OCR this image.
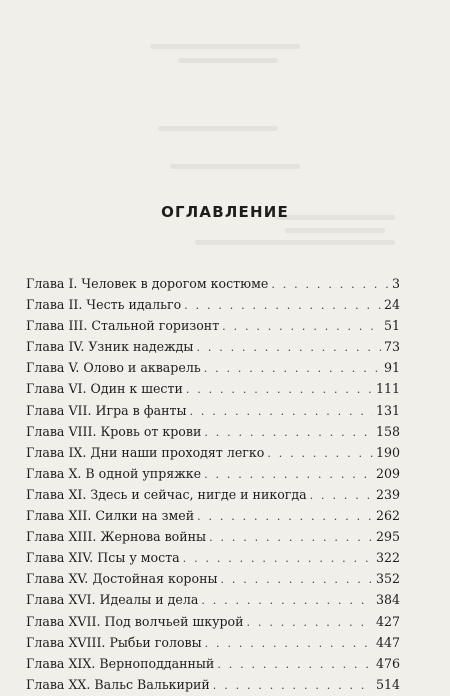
ОГЛАВЛЕНИЕ
Глава I. Человек в дорогом костюме . . .	3
Глава II. Честь идальго . . .	24
Глава III. Стальной горизонт . . .	51
Глава IV. Узник надежды . . .	73
Глава V. Олово и акварель . . .	91
Глава VI. Один к шести . . .	111
Глава VII. Игра в фанты . . .	131
Глава VIII. Кровь от крови . . .	158
Глава IX. Дни наши проходят легко . . .	190
Глава X. В одной упряжке . . .	209
Глава XI. Здесь и сейчас, нигде и никогда . . .	239
Глава XII. Силки на змей . . .	262
Глава XIII. Жернова войны . . .	295
Глава XIV. Псы у моста . . .	322
Глава XV. Достойная короны . . .	352
Глава XVI. Идеалы и дела . . .	384
Глава XVII. Под волчьей шкурой . . .	427
Глава XVIII. Рыбьи головы . . .	447
Глава XIX. Верноподданный . . .	476
Глава XX. Вальс Валькирий . . .	514
